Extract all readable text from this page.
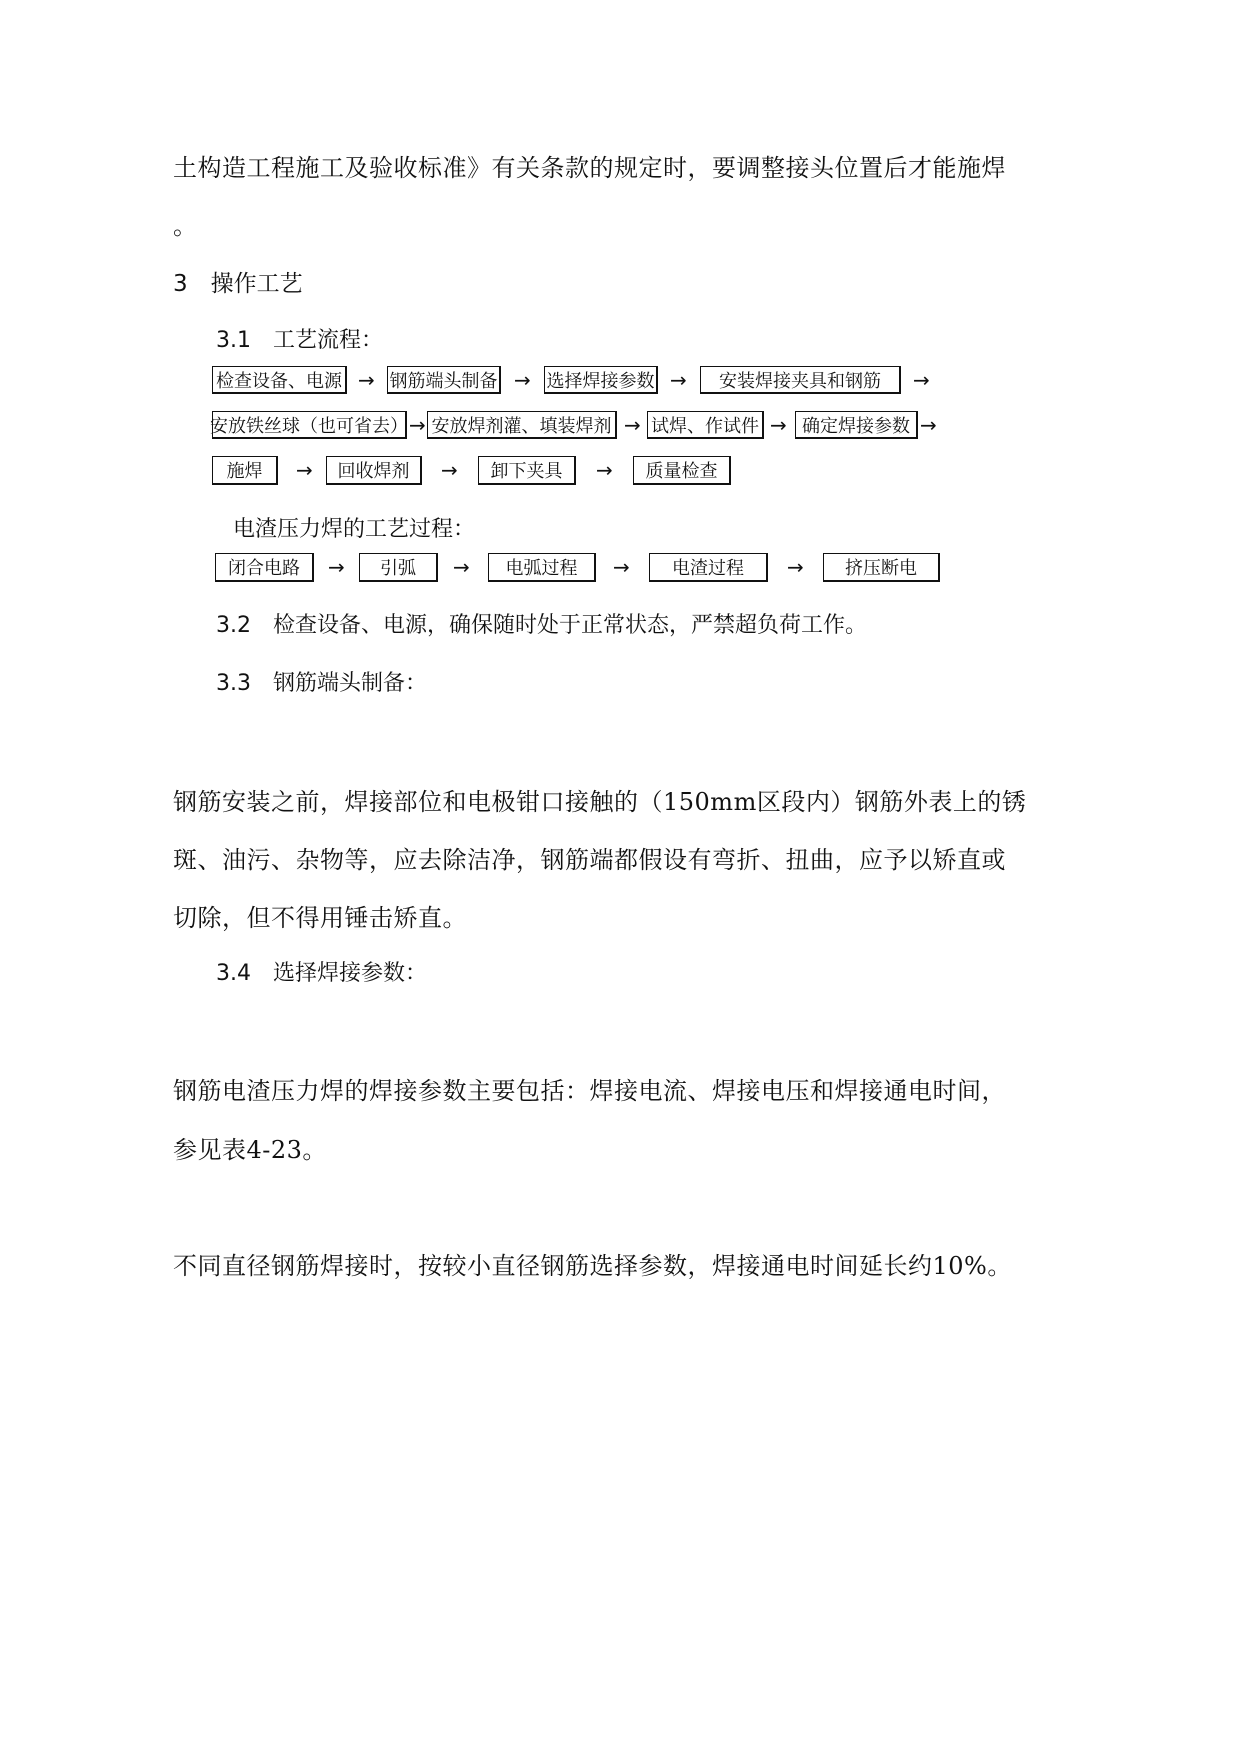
土构造工程施工及验收标准》有关条款的规定时，要调整接头位置后才能施焊
。
3　操作工艺
3.1 工艺流程：
检查设备、电源 → 钢筋端头制备 → 选择焊接参数 →	安装焊接夹具和钢筋	→
安放铁丝球（也可省去） → 安放焊剂灌、填装焊剂 → 试焊、作试件 → 确定焊接参数 →
施焊	→	回收焊剂	→	卸下夹具	→	质量检查
电渣压力焊的工艺过程：
闭合电路	→	引弧	→	电弧过程	→	电渣过程	→	挤压断电
3.2 检查设备、电源，确保随时处于正常状态，严禁超负荷工作。
3.3 钢筋端头制备：
钢筋安装之前，焊接部位和电极钳口接触的（150mm区段内）钢筋外表上的锈
斑、油污、杂物等，应去除洁净，钢筋端都假设有弯折、扭曲，应予以矫直或
切除，但不得用锤击矫直。
3.4 选择焊接参数：
钢筋电渣压力焊的焊接参数主要包括：焊接电流、焊接电压和焊接通电时间，
参见表4-23。
不同直径钢筋焊接时，按较小直径钢筋选择参数，焊接通电时间延长约10%。
